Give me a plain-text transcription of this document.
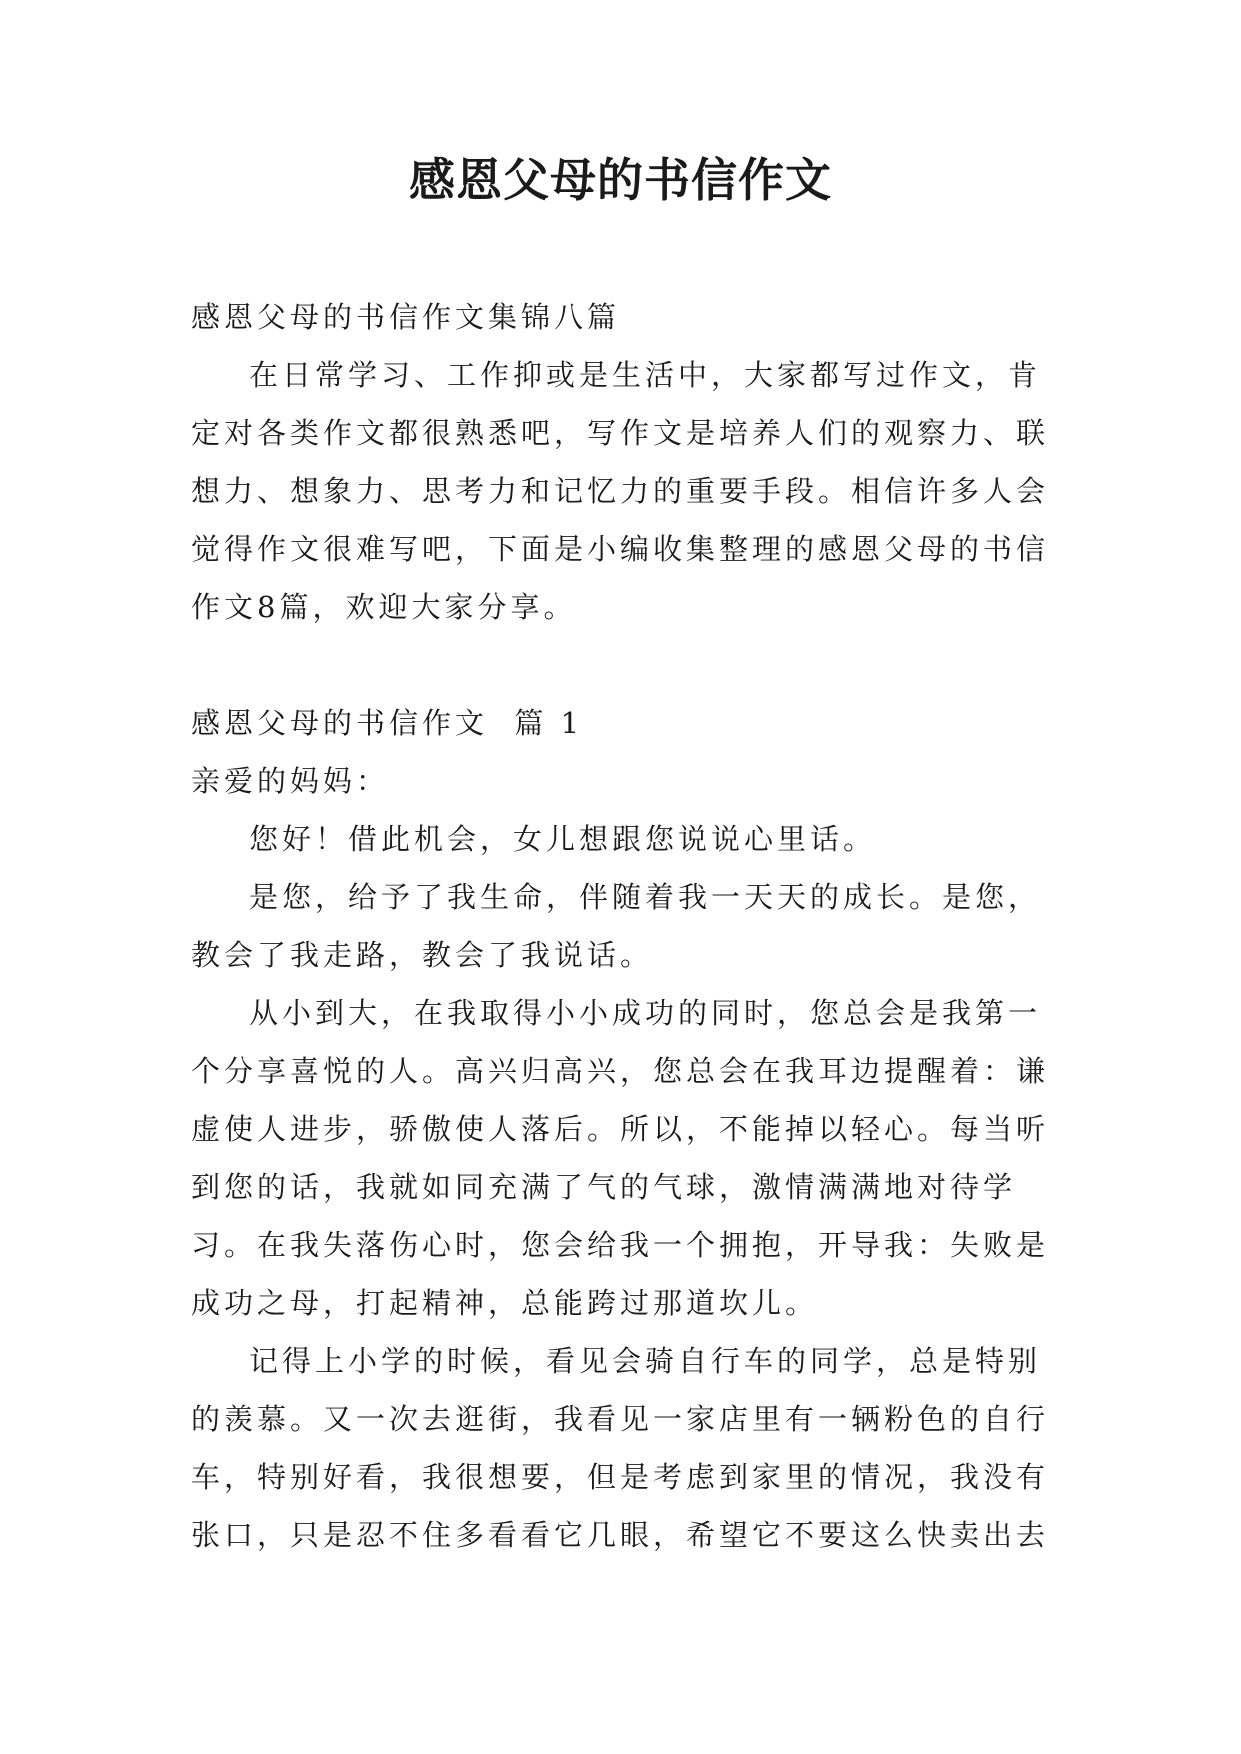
感恩父母的书信作文

感恩父母的书信作文集锦八篇

在日常学习、工作抑或是生活中，大家都写过作文，肯定对各类作文都很熟悉吧，写作文是培养人们的观察力、联想力、想象力、思考力和记忆力的重要手段。相信许多人会觉得作文很难写吧，下面是小编收集整理的感恩父母的书信作文8篇，欢迎大家分享。

感恩父母的书信作文  篇 1

亲爱的妈妈：

您好！借此机会，女儿想跟您说说心里话。

是您，给予了我生命，伴随着我一天天的成长。是您，教会了我走路，教会了我说话。

从小到大，在我取得小小成功的同时，您总会是我第一个分享喜悦的人。高兴归高兴，您总会在我耳边提醒着：谦虚使人进步，骄傲使人落后。所以，不能掉以轻心。每当听到您的话，我就如同充满了气的气球，激情满满地对待学习。在我失落伤心时，您会给我一个拥抱，开导我：失败是成功之母，打起精神，总能跨过那道坎儿。

记得上小学的时候，看见会骑自行车的同学，总是特别的羡慕。又一次去逛街，我看见一家店里有一辆粉色的自行车，特别好看，我很想要，但是考虑到家里的情况，我没有张口，只是忍不住多看看它几眼，希望它不要这么快卖出去
